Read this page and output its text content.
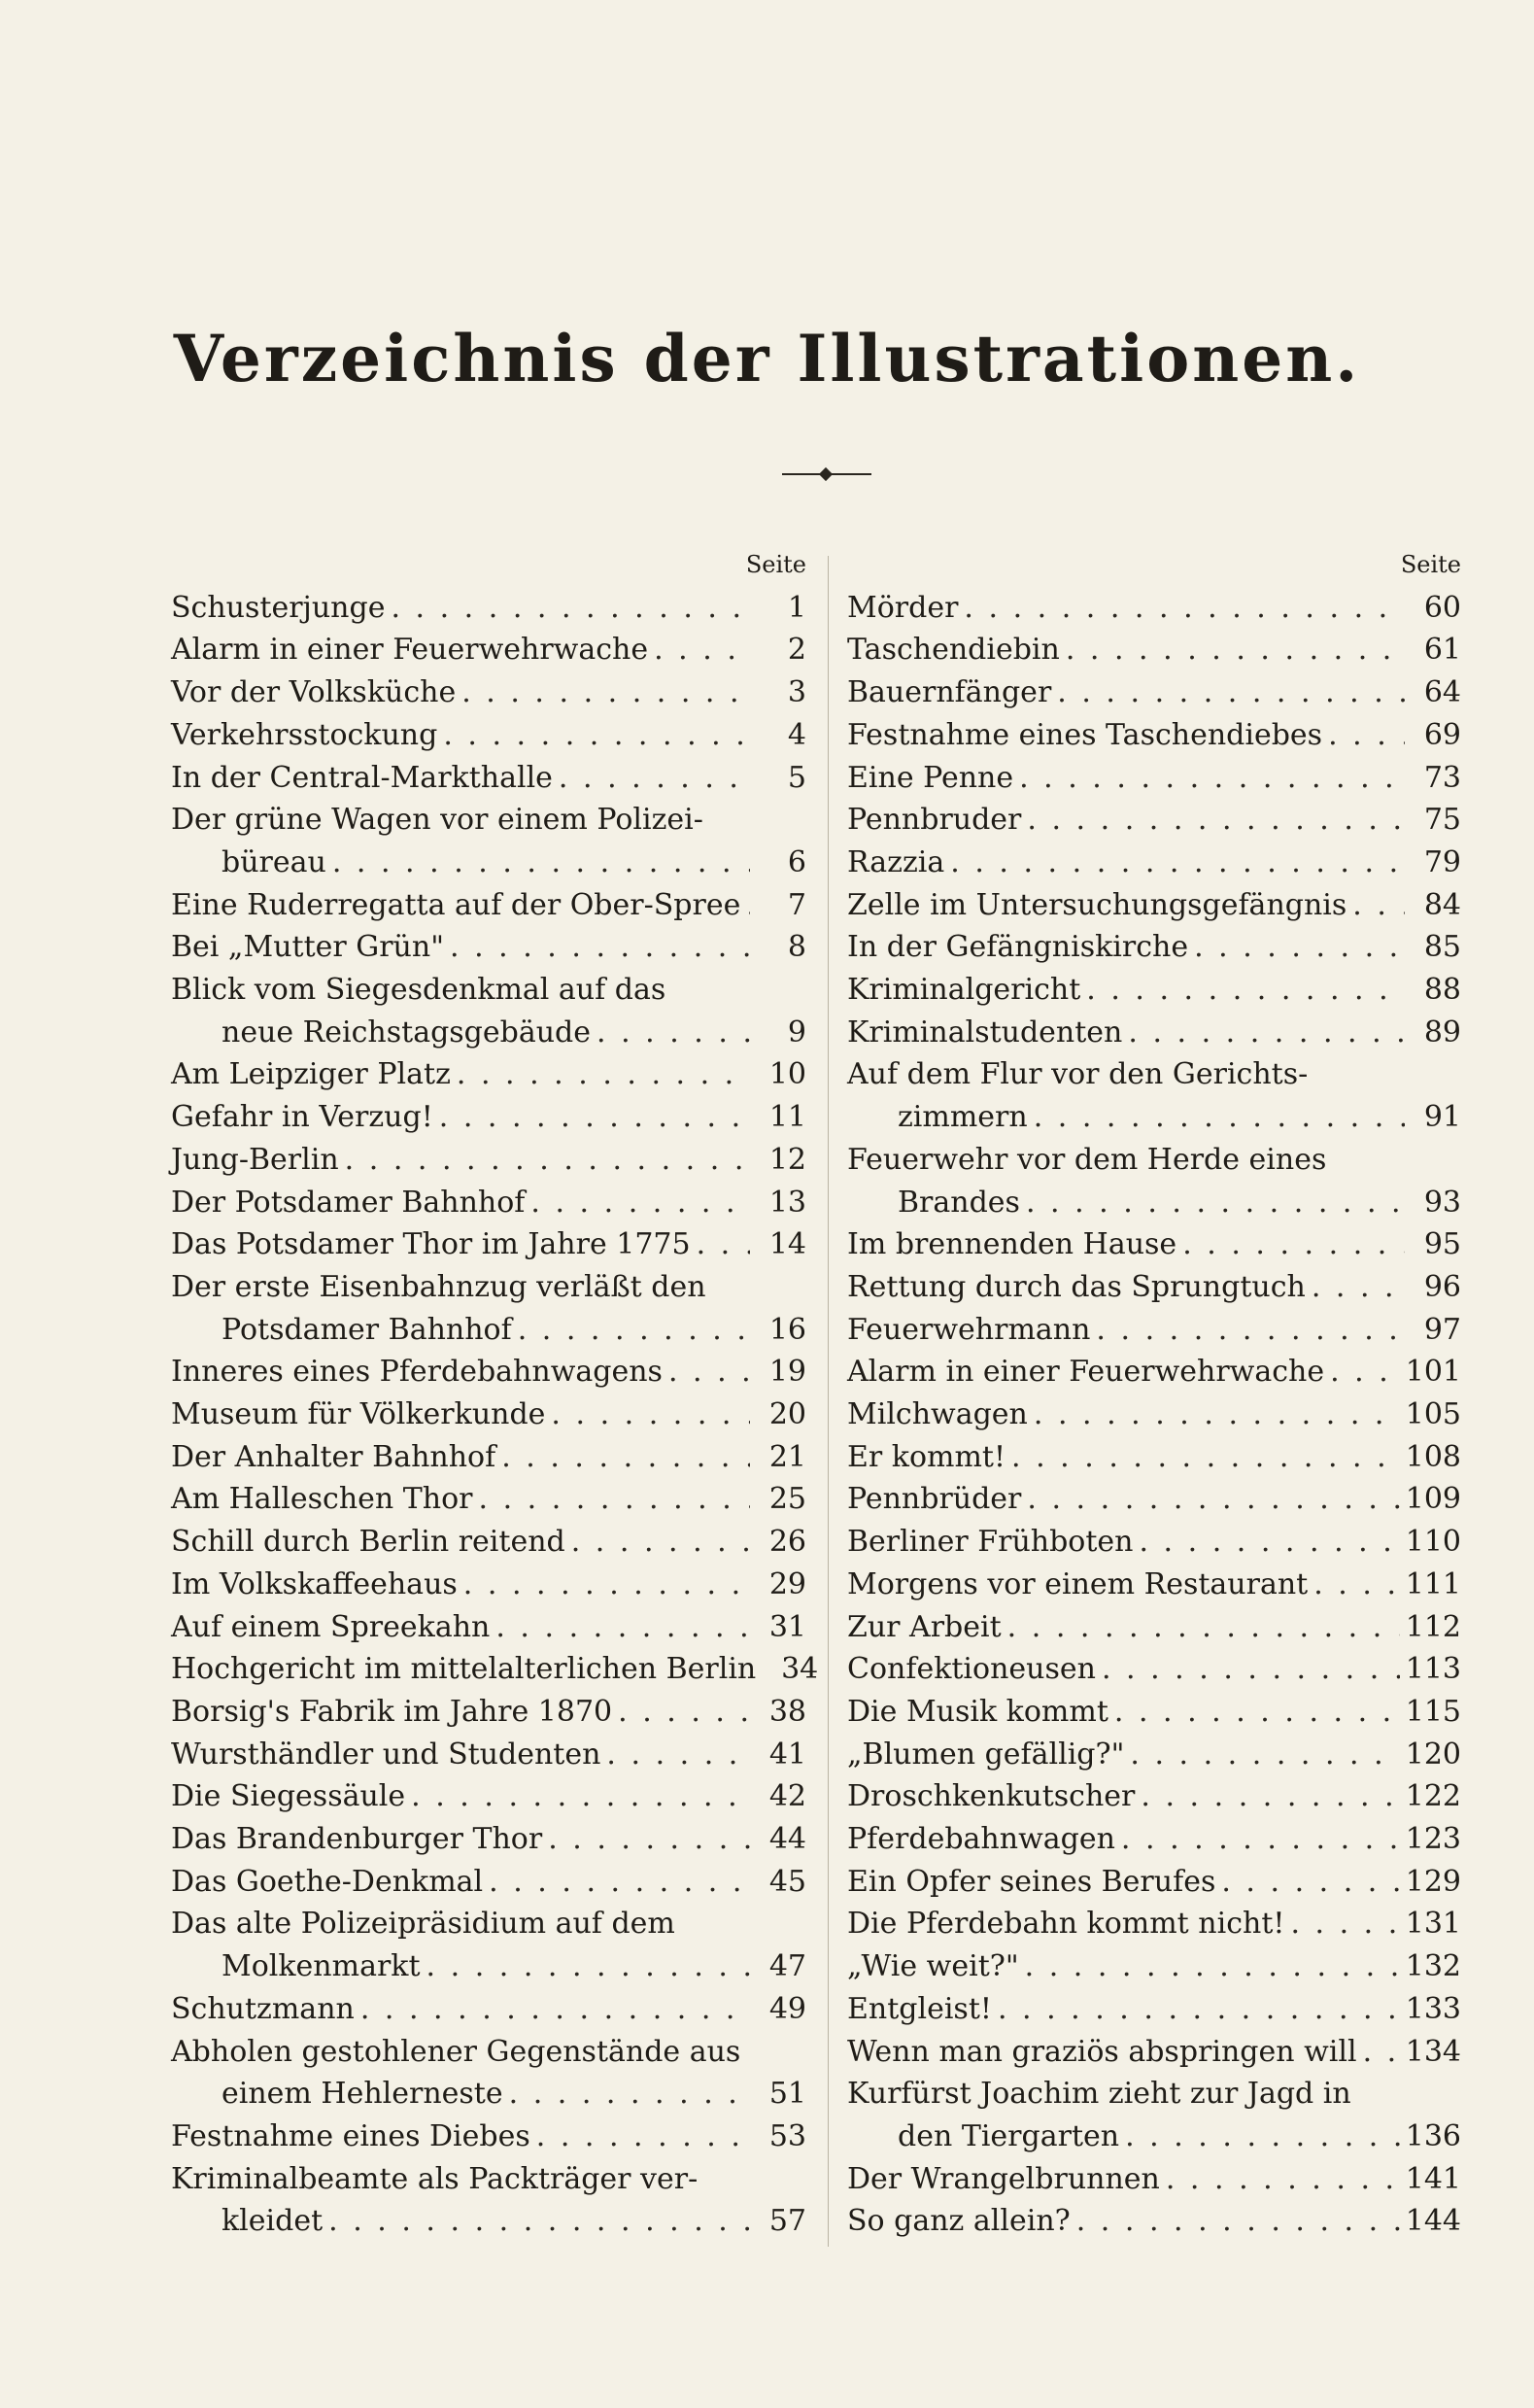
Verzeichnis der Illustrationen.
Seite
Schusterjunge . . .	1
Alarm in einer Feuerwehrwache . . .	2
Vor der Volksküche . . .	3
Verkehrsstockung . . .	4
In der Central-Markthalle . . .	5
Der grüne Wagen vor einem Polizei-
büreau . . .	6
Eine Ruderregatta auf der Ober-Spree . . .	7
Bei „Mutter Grün" . . .	8
Blick vom Siegesdenkmal auf das
neue Reichstagsgebäude . . .	9
Am Leipziger Platz . . .	10
Gefahr in Verzug! . . .	11
Jung-Berlin . . .	12
Der Potsdamer Bahnhof . . .	13
Das Potsdamer Thor im Jahre 1775 . . .	14
Der erste Eisenbahnzug verläßt den
Potsdamer Bahnhof . . .	16
Inneres eines Pferdebahnwagens . . .	19
Museum für Völkerkunde . . .	20
Der Anhalter Bahnhof . . .	21
Am Halleschen Thor . . .	25
Schill durch Berlin reitend . . .	26
Im Volkskaffeehaus . . .	29
Auf einem Spreekahn . . .	31
Hochgericht im mittelalterlichen Berlin 34
Borsig's Fabrik im Jahre 1870 . . .	38
Wursthändler und Studenten . . .	41
Die Siegessäule . . .	42
Das Brandenburger Thor . . .	44
Das Goethe-Denkmal . . .	45
Das alte Polizeipräsidium auf dem
Molkenmarkt . . .	47
Schutzmann . . .	49
Abholen gestohlener Gegenstände aus
einem Hehlerneste . . .	51
Festnahme eines Diebes . . .	53
Kriminalbeamte als Packträger ver-
kleidet . . .	57
Seite
Mörder . . .	60
Taschendiebin . . .	61
Bauernfänger . . .	64
Festnahme eines Taschendiebes . . .	69
Eine Penne . . .	73
Pennbruder . . .	75
Razzia . . .	79
Zelle im Untersuchungsgefängnis . . .	84
In der Gefängniskirche . . .	85
Kriminalgericht . . .	88
Kriminalstudenten . . .	89
Auf dem Flur vor den Gerichts-
zimmern . . .	91
Feuerwehr vor dem Herde eines
Brandes . . .	93
Im brennenden Hause . . .	95
Rettung durch das Sprungtuch . . .	96
Feuerwehrmann . . .	97
Alarm in einer Feuerwehrwache . . .	101
Milchwagen . . .	105
Er kommt! . . .	108
Pennbrüder . . .	109
Berliner Frühboten . . .	110
Morgens vor einem Restaurant . . .	111
Zur Arbeit . . .	112
Confektioneusen . . .	113
Die Musik kommt . . .	115
„Blumen gefällig?" . . .	120
Droschkenkutscher . . .	122
Pferdebahnwagen . . .	123
Ein Opfer seines Berufes . . .	129
Die Pferdebahn kommt nicht! . . .	131
„Wie weit?" . . .	132
Entgleist! . . .	133
Wenn man graziös abspringen will . . . 134
Kurfürst Joachim zieht zur Jagd in
den Tiergarten . . .	136
Der Wrangelbrunnen . . .	141
So ganz allein? . . .	144
